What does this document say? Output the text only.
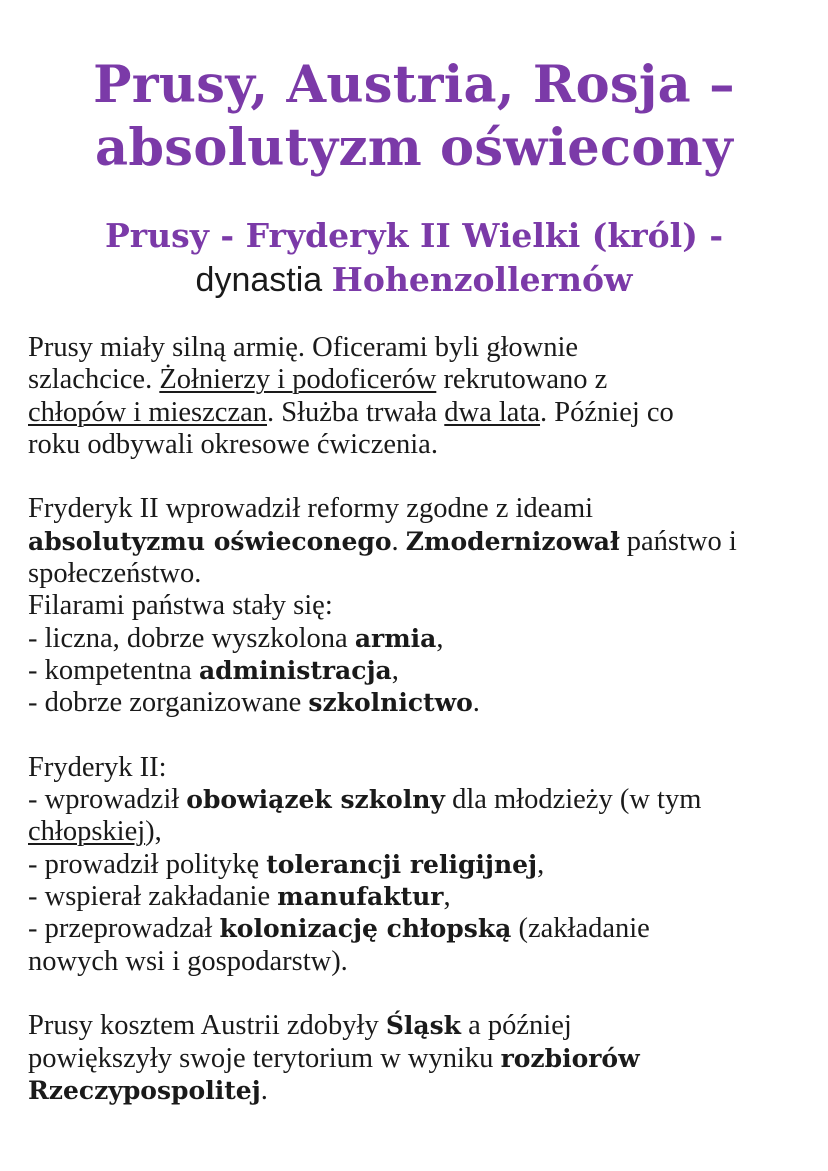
Prusy, Austria, Rosja –
absolutyzm oświecony
Prusy - Fryderyk II Wielki (król) -
dynastia Hohenzollernów
Prusy miały silną armię. Oficerami byli głownie
szlachcice. Żołnierzy i podoficerów rekrutowano z
chłopów i mieszczan. Służba trwała dwa lata. Później co
roku odbywali okresowe ćwiczenia.
Fryderyk II wprowadził reformy zgodne z ideami
absolutyzmu oświeconego. Zmodernizował państwo i
społeczeństwo.
Filarami państwa stały się:
- liczna, dobrze wyszkolona armia,
- kompetentna administracja,
- dobrze zorganizowane szkolnictwo.
Fryderyk II:
- wprowadził obowiązek szkolny dla młodzieży (w tym
chłopskiej),
- prowadził politykę tolerancji religijnej,
- wspierał zakładanie manufaktur,
- przeprowadzał kolonizację chłopską (zakładanie
nowych wsi i gospodarstw).
Prusy kosztem Austrii zdobyły Śląsk a później
powiększyły swoje terytorium w wyniku rozbiorów
Rzeczypospolitej.
